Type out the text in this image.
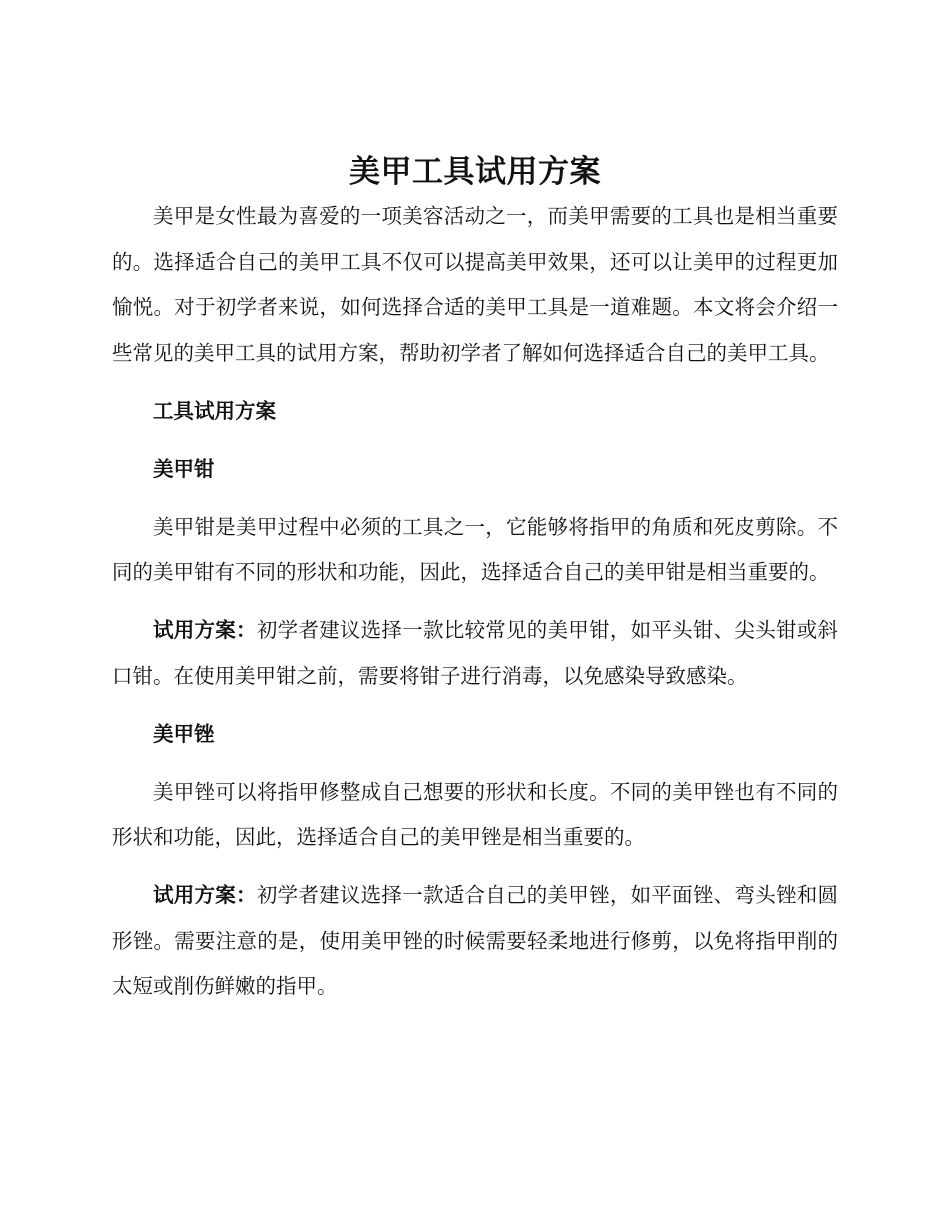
美甲工具试用方案

美甲是女性最为喜爱的一项美容活动之一，而美甲需要的工具也是相当重要的。选择适合自己的美甲工具不仅可以提高美甲效果，还可以让美甲的过程更加愉悦。对于初学者来说，如何选择合适的美甲工具是一道难题。本文将会介绍一些常见的美甲工具的试用方案，帮助初学者了解如何选择适合自己的美甲工具。

工具试用方案

美甲钳

美甲钳是美甲过程中必须的工具之一，它能够将指甲的角质和死皮剪除。不同的美甲钳有不同的形状和功能，因此，选择适合自己的美甲钳是相当重要的。

试用方案：初学者建议选择一款比较常见的美甲钳，如平头钳、尖头钳或斜口钳。在使用美甲钳之前，需要将钳子进行消毒，以免感染导致感染。

美甲锉

美甲锉可以将指甲修整成自己想要的形状和长度。不同的美甲锉也有不同的形状和功能，因此，选择适合自己的美甲锉是相当重要的。

试用方案：初学者建议选择一款适合自己的美甲锉，如平面锉、弯头锉和圆形锉。需要注意的是，使用美甲锉的时候需要轻柔地进行修剪，以免将指甲削的太短或削伤鲜嫩的指甲。
